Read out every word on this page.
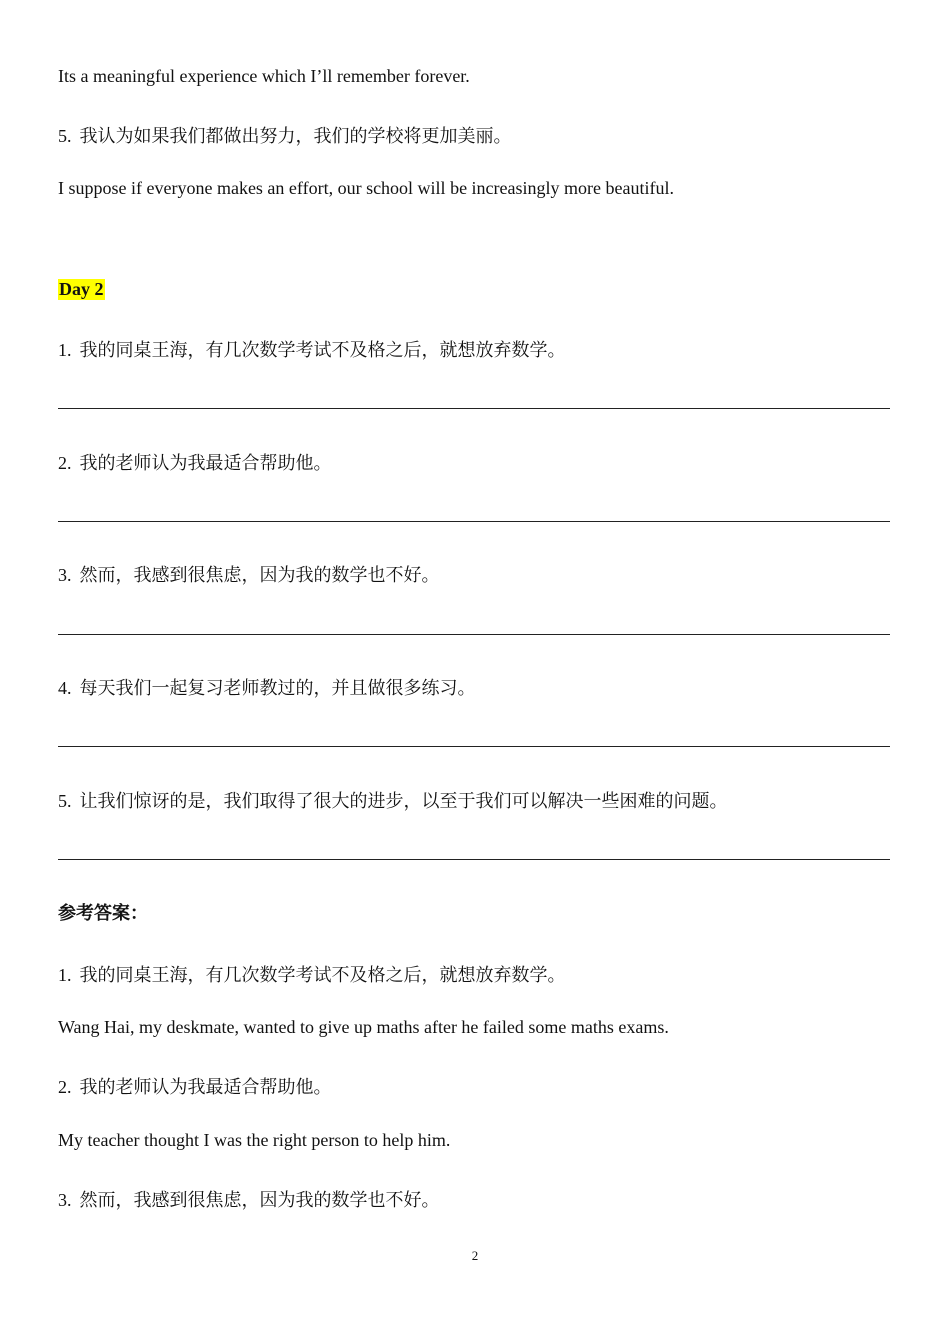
Its a meaningful experience which I’ll remember forever.
5. 我认为如果我们都做出努力，我们的学校将更加美丽。
I suppose if everyone makes an effort, our school will be increasingly more beautiful.
Day 2
1. 我的同桌王海，有几次数学考试不及格之后，就想放弃数学。
2. 我的老师认为我最适合帮助他。
3. 然而，我感到很焦虑，因为我的数学也不好。
4. 每天我们一起复习老师教过的，并且做很多练习。
5. 让我们惊讶的是，我们取得了很大的进步，以至于我们可以解决一些困难的问题。
参考答案：
1. 我的同桌王海，有几次数学考试不及格之后，就想放弃数学。
Wang Hai, my deskmate, wanted to give up maths after he failed some maths exams.
2. 我的老师认为我最适合帮助他。
My teacher thought I was the right person to help him.
3. 然而，我感到很焦虑，因为我的数学也不好。
2
